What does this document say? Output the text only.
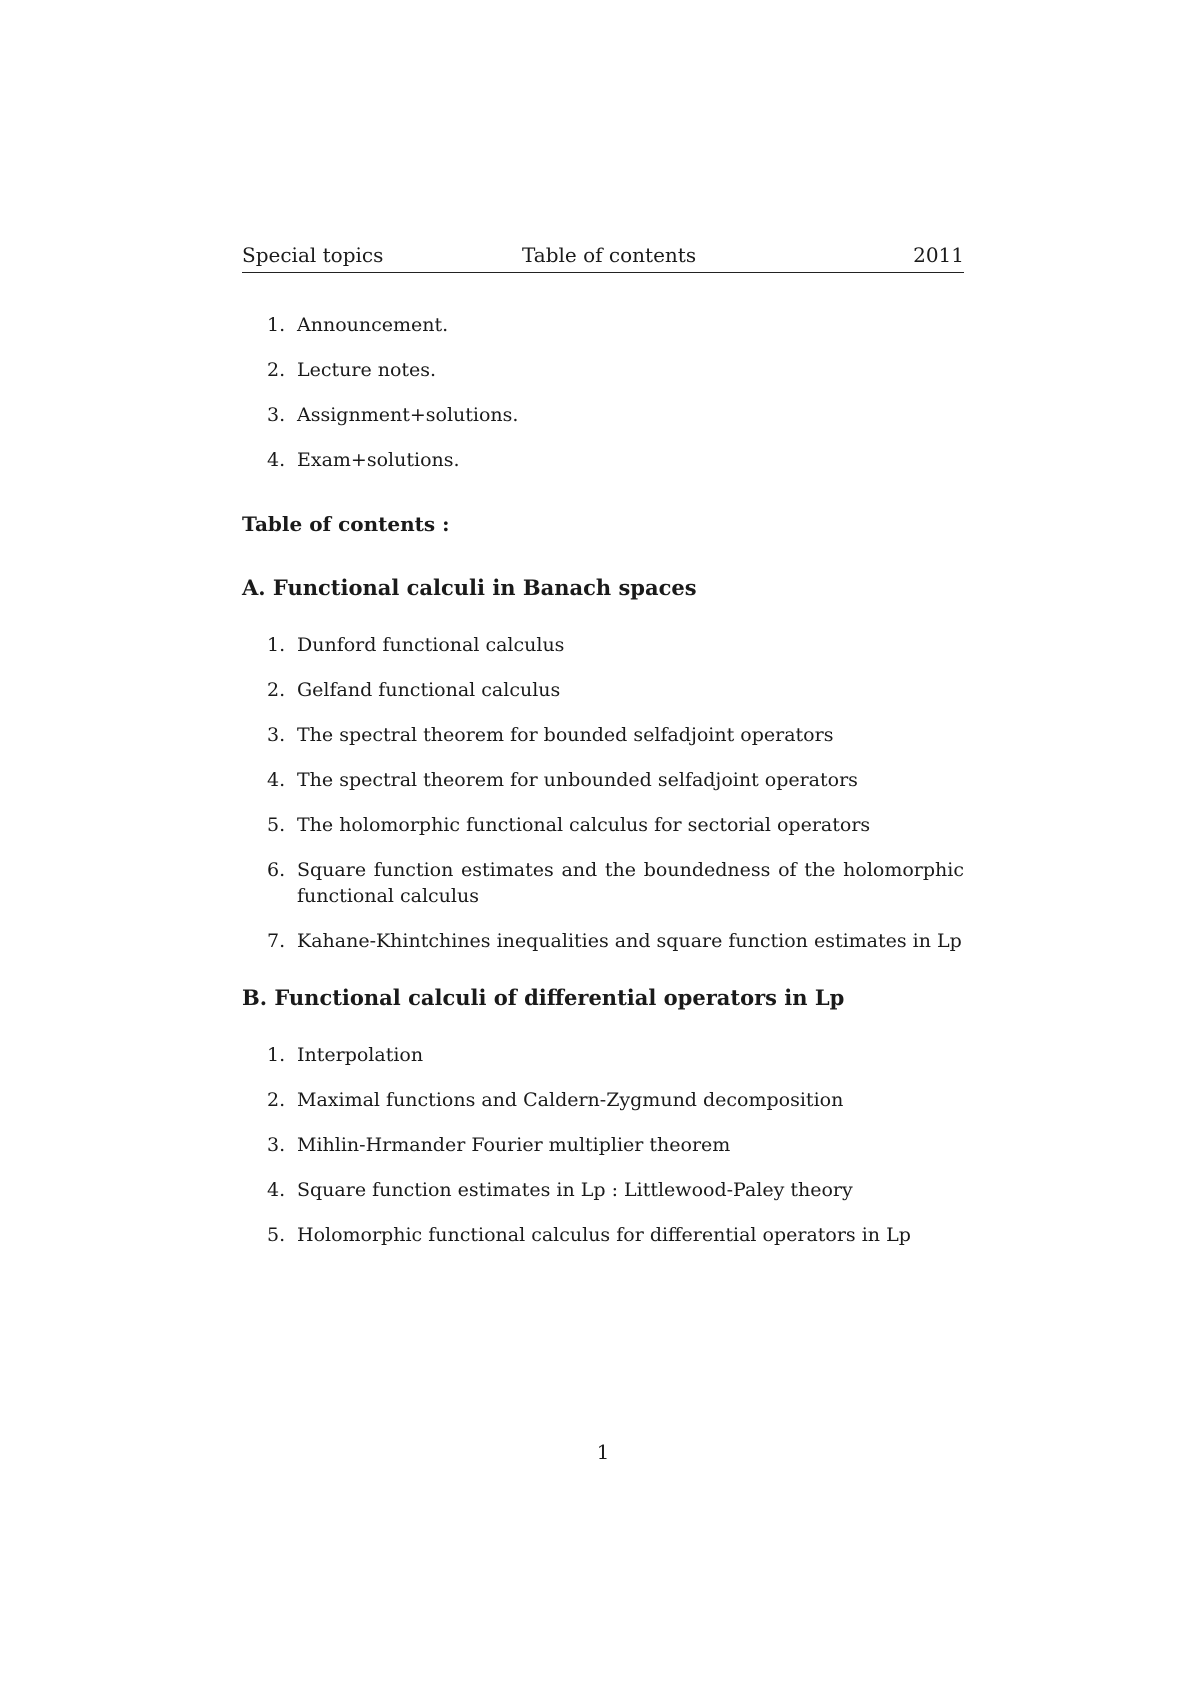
Special topics	Table of contents	2011
1. Announcement.
2. Lecture notes.
3. Assignment+solutions.
4. Exam+solutions.
Table of contents :
A. Functional calculi in Banach spaces
1. Dunford functional calculus
2. Gelfand functional calculus
3. The spectral theorem for bounded selfadjoint operators
4. The spectral theorem for unbounded selfadjoint operators
5. The holomorphic functional calculus for sectorial operators
6. Square function estimates and the boundedness of the holomorphic functional calculus
7. Kahane-Khintchines inequalities and square function estimates in Lp
B. Functional calculi of differential operators in Lp
1. Interpolation
2. Maximal functions and Caldern-Zygmund decomposition
3. Mihlin-Hrmander Fourier multiplier theorem
4. Square function estimates in Lp : Littlewood-Paley theory
5. Holomorphic functional calculus for differential operators in Lp
1
